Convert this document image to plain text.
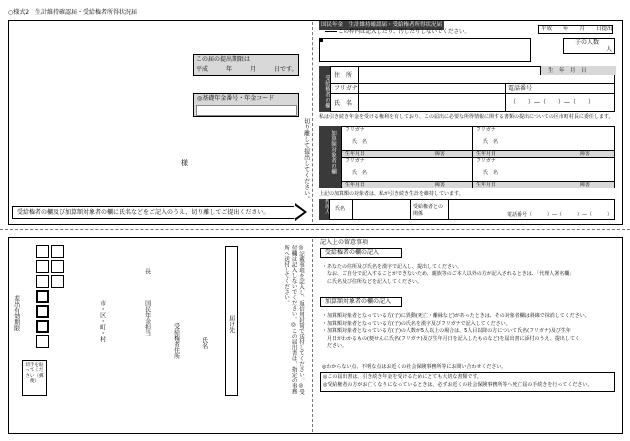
○様式2　生計維持確認届・受給権者所得状況届
この届の提出期限は
平成　　　年　　　月　　　日です。
◎基礎年金番号・年金コード
様	切り離して提出してください。
受給権者の欄及び加算額対象者の欄に氏名などをご記入のうえ、切り離してご提出ください。
国民年金　生計維持確認届・受給権者所得状況届
平成　　年　　月　　日提出
この枠内は記入したり、汚したりしないでください。
子の人数
人
受給権者の欄 住　所
生　年　月　日
フリガナ	電話番号
氏　名	（　　）—（　　）—（　　）
私は引き続き年金を受ける権利を有しており、この届出に必要な所得情報に関する書類の提出についての区市町村長に委任します。
加算額対象者の欄	フリガナ
氏　名
生年月日	障害
フリガナ
氏　名
生年月日	障害
フリガナ
氏　名
生年月日	障害
フリガナ
氏　名
生年月日	障害
上記の加算額の対象者は、私が引き続き生計を維持しています。
代理人 氏名	受給権者との関係	電話番号（　　　）—（　　　）—（　　　）
差出有効期限
切手を貼ってください（郵便）
市・区・町・村
長
国民年金担当
受給権者住所	氏名
届け先	◎記載事項を記入し、返信用封筒で送付してください。◎受付欄は記入しないでください。◎この届出書は、指定の事務所へ送付してください。
記入上の留意事項
受給権者の欄の記入
・あなたの住所及び氏名を漢字で記入し、提出してください。
　なお、ご自分で記入することができないため、親族等のご本人以外の方が記入されるときは、「代理人署名欄」
　に氏名及び住所などを記入してください。
加算額対象者の欄の記入
・加算額対象者となっている方(子)に異動(死亡・離縁など)があったときは、その対象者欄は斜線で抹消してください。
・加算額対象者となっている方(子)の氏名を漢字及びフリガナで記入してください。
・加算額対象者となっている方(子)の人数が5人以上の場合は、5人目以降の方について氏名(フリガナ)及び生年
　月日がわかるもの(便せんに氏名(フリガナ)及び生年月日を記入したものなど)を届出書に添付のうえ、提出してく
　ださい。
◎わからない点、不明な点はお近くの社会保険事務所等にお問い合わせください。
◎この届出書は、引き続き年金を受けるためにとても大切な書類です。
◎受給権者の方がお亡くなりになっているときは、必ずお近くの社会保険事務所等へ死亡届の手続きを行ってください。
